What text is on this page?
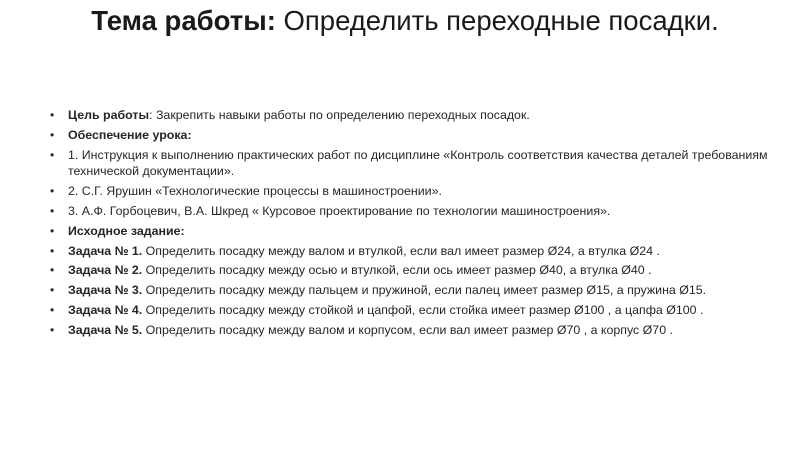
Тема работы: Определить переходные посадки.
• Цель работы: Закрепить навыки работы по определению переходных посадок.
• Обеспечение урока:
• 1. Инструкция к выполнению практических работ по дисциплине «Контроль соответствия качества деталей требованиям технической документации».
• 2. С.Г. Ярушин «Технологические процессы в машиностроении».
• 3. А.Ф. Горбоцевич, В.А. Шкред « Курсовое проектирование по технологии машиностроения».
• Исходное задание:
• Задача № 1. Определить посадку между валом и втулкой, если вал имеет размер Ø24, а втулка Ø24 .
• Задача № 2. Определить посадку между осью и втулкой, если ось имеет размер Ø40, а втулка Ø40 .
• Задача № 3. Определить посадку между пальцем и пружиной, если палец имеет размер Ø15, а пружина Ø15.
• Задача № 4. Определить посадку между стойкой и цапфой, если стойка имеет размер Ø100 , а цапфа Ø100 .
• Задача № 5. Определить посадку между валом и корпусом, если вал имеет размер Ø70 , а корпус Ø70 .
